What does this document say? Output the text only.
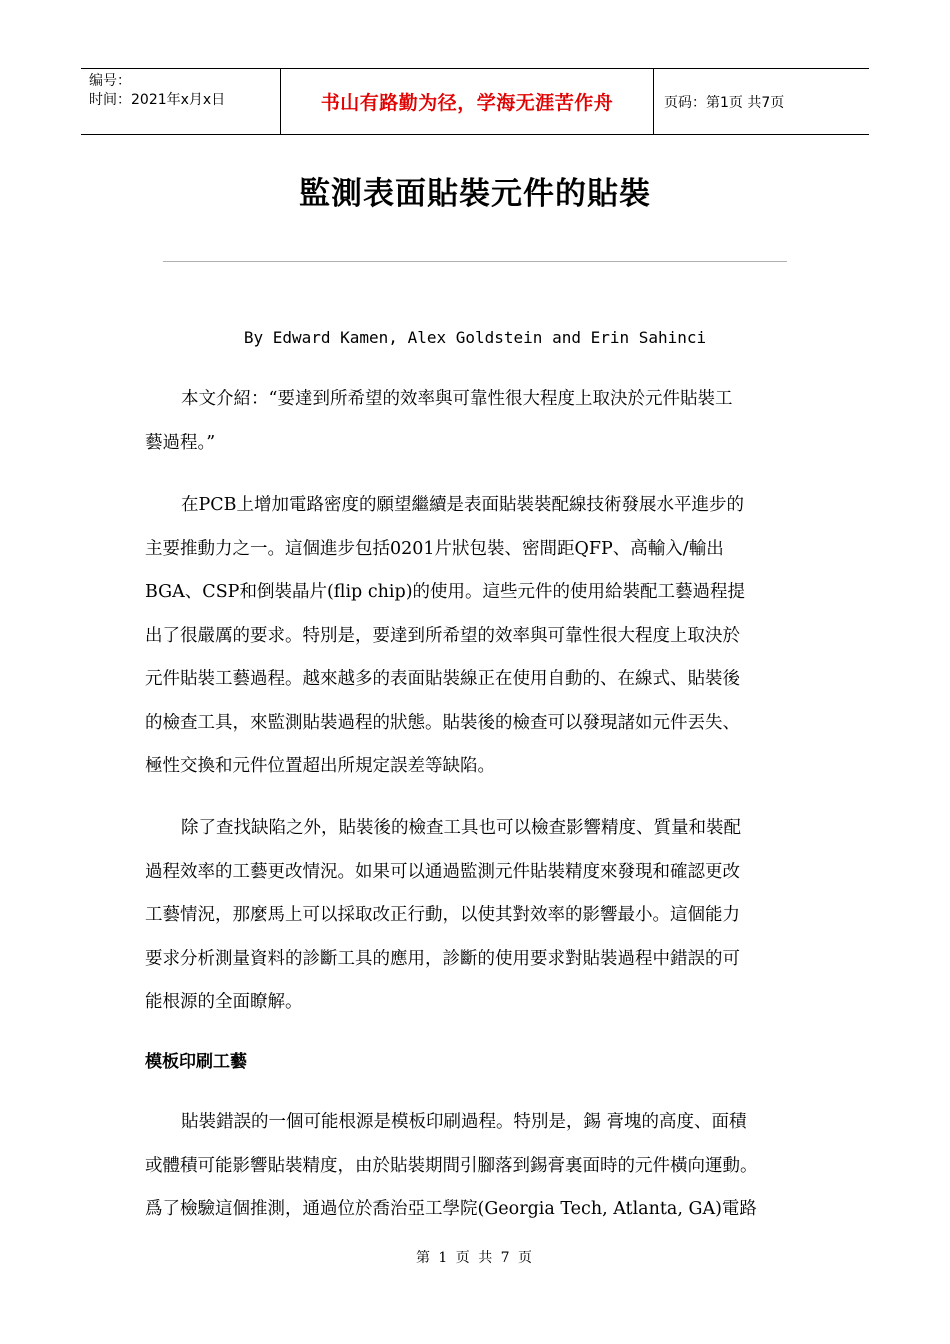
编号：
时间：2021年x月x日	书山有路勤为径，学海无涯苦作舟	页码：第1页 共7页
監測表面貼裝元件的貼裝
By Edward Kamen, Alex Goldstein and Erin Sahinci

本文介紹：“要達到所希望的效率與可靠性很大程度上取決於元件貼裝工
藝過程。”

在PCB上增加電路密度的願望繼續是表面貼裝裝配線技術發展水平進步的
主要推動力之一。這個進步包括0201片狀包裝、密間距QFP、高輸入/輸出
BGA、CSP和倒裝晶片(flip chip)的使用。這些元件的使用給裝配工藝過程提
出了很嚴厲的要求。特別是，要達到所希望的效率與可靠性很大程度上取決於
元件貼裝工藝過程。越來越多的表面貼裝線正在使用自動的、在線式、貼裝後
的檢查工具，來監測貼裝過程的狀態。貼裝後的檢查可以發現諸如元件丟失、
極性交換和元件位置超出所規定誤差等缺陷。

除了查找缺陷之外，貼裝後的檢查工具也可以檢查影響精度、質量和裝配
過程效率的工藝更改情況。如果可以通過監測元件貼裝精度來發現和確認更改
工藝情況，那麼馬上可以採取改正行動，以使其對效率的影響最小。這個能力
要求分析測量資料的診斷工具的應用，診斷的使用要求對貼裝過程中錯誤的可
能根源的全面瞭解。

模板印刷工藝

貼裝錯誤的一個可能根源是模板印刷過程。特別是，錫 膏塊的高度、面積
或體積可能影響貼裝精度，由於貼裝期間引腳落到錫膏裏面時的元件橫向運動。
爲了檢驗這個推測，通過位於喬治亞工學院(Georgia Tech, Atlanta, GA)電路

第 1 页 共 7 页
